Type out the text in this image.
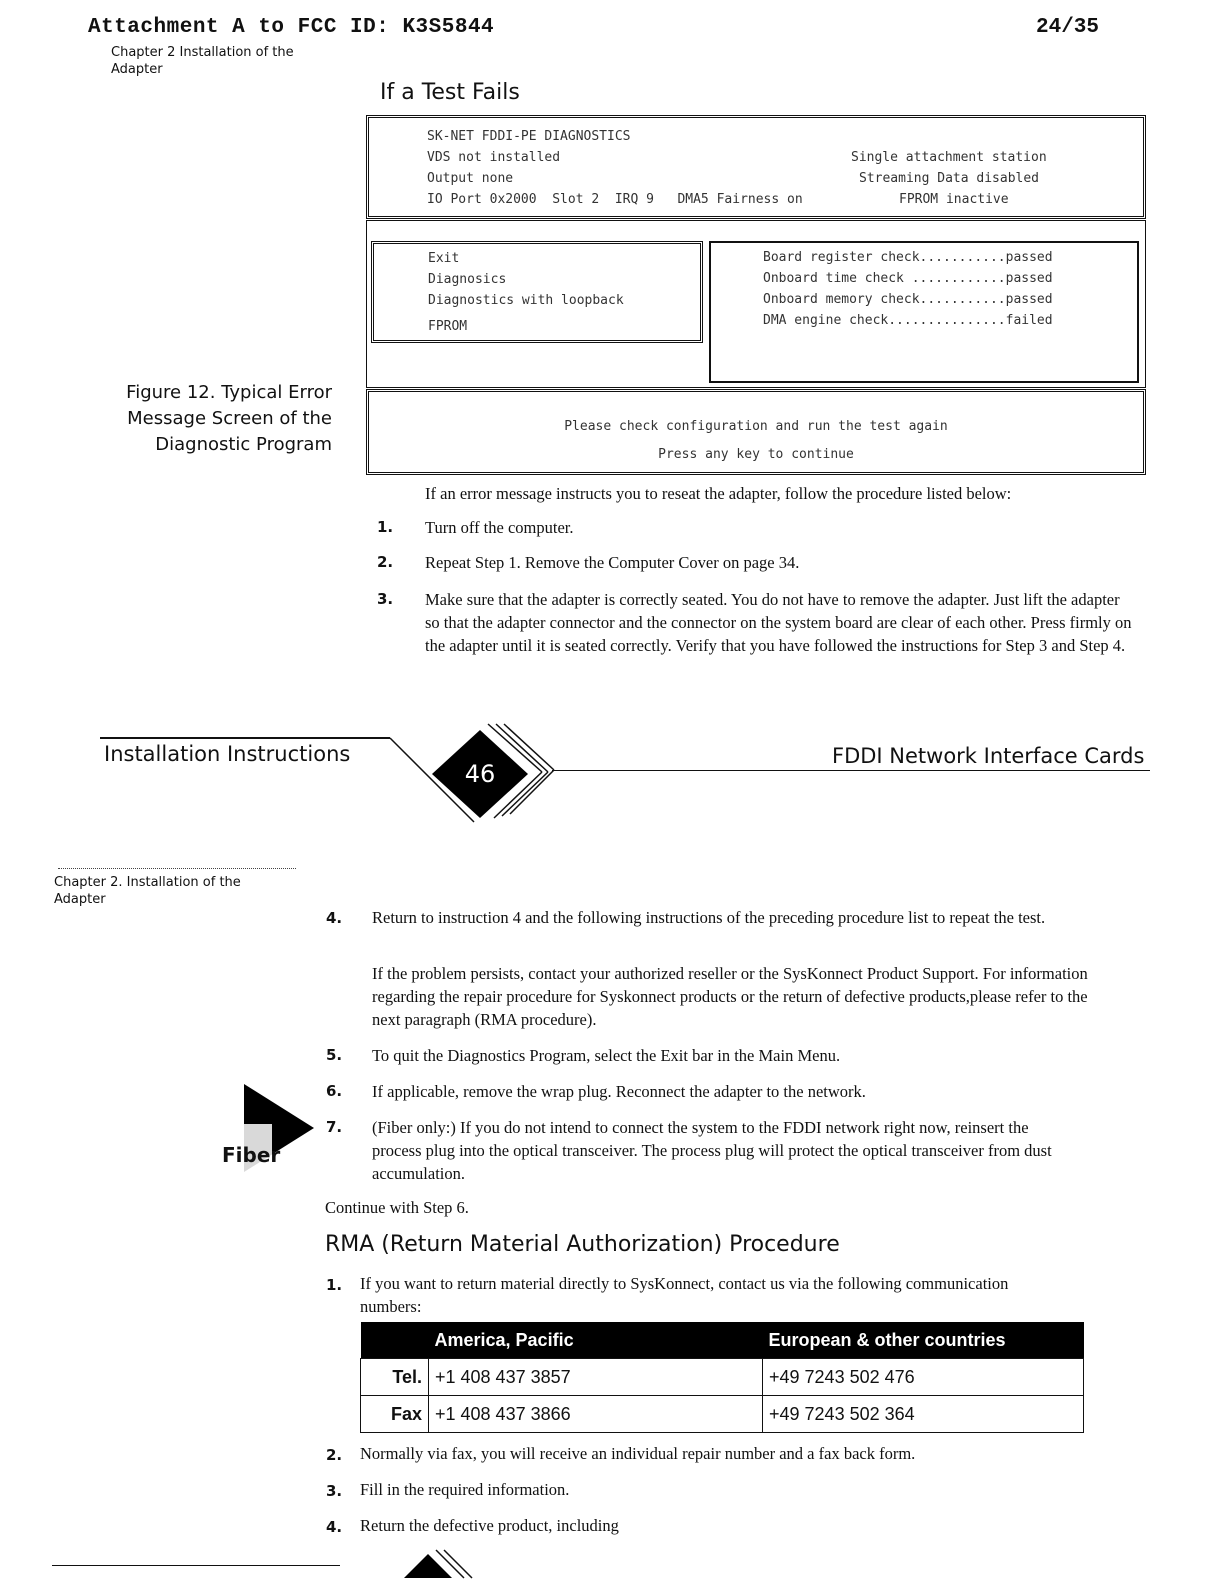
Attachment A to FCC ID: K3S5844	24/35
Chapter 2 Installation of the Adapter
If a Test Fails
SK-NET FDDI-PE DIAGNOSTICS
VDS not installed
Output none
IO Port 0x2000  Slot 2  IRQ 9   DMA5 Fairness on
Single attachment station
Streaming Data disabled
FPROM inactive
Exit
Diagnosics
Diagnostics with loopback
FPROM
Board register check...........passed
Onboard time check ............passed
Onboard memory check...........passed
DMA engine check...............failed
Please check configuration and run the test again
Press any key to continue
Figure 12. Typical Error Message Screen of the Diagnostic Program
If an error message instructs you to reseat the adapter, follow the procedure listed below:
1. Turn off the computer.
2. Repeat Step 1. Remove the Computer Cover on page 34.
3. Make sure that the adapter is correctly seated. You do not have to remove the adapter. Just lift the adapter so that the adapter connector and the connector on the system board are clear of each other. Press firmly on the adapter until it is seated correctly. Verify that you have followed the instructions for Step 3 and Step 4.
Installation Instructions
46
FDDI Network Interface Cards
Chapter 2. Installation of the Adapter
4. Return to instruction 4 and the following instructions of the preceding procedure list to repeat the test.
If the problem persists, contact your authorized reseller or the SysKonnect Product Support. For information regarding the repair procedure for Syskonnect products or the return of defective products,please refer to the next paragraph (RMA procedure).
5. To quit the Diagnostics Program, select the Exit bar in the Main Menu.
6. If applicable, remove the wrap plug. Reconnect the adapter to the network.
7. (Fiber only:) If you do not intend to connect the system to the FDDI network right now, reinsert the process plug into the optical transceiver. The process plug will protect the optical transceiver from dust accumulation.
Fiber
Continue with Step 6.
RMA (Return Material Authorization) Procedure
1. If you want to return material directly to SysKonnect, contact us via the following communication numbers:
	America, Pacific	European & other countries
Tel.	+1 408 437 3857	+49 7243 502 476
Fax	+1 408 437 3866	+49 7243 502 364
2. Normally via fax, you will receive an individual repair number and a fax back form.
3. Fill in the required information.
4. Return the defective product, including
